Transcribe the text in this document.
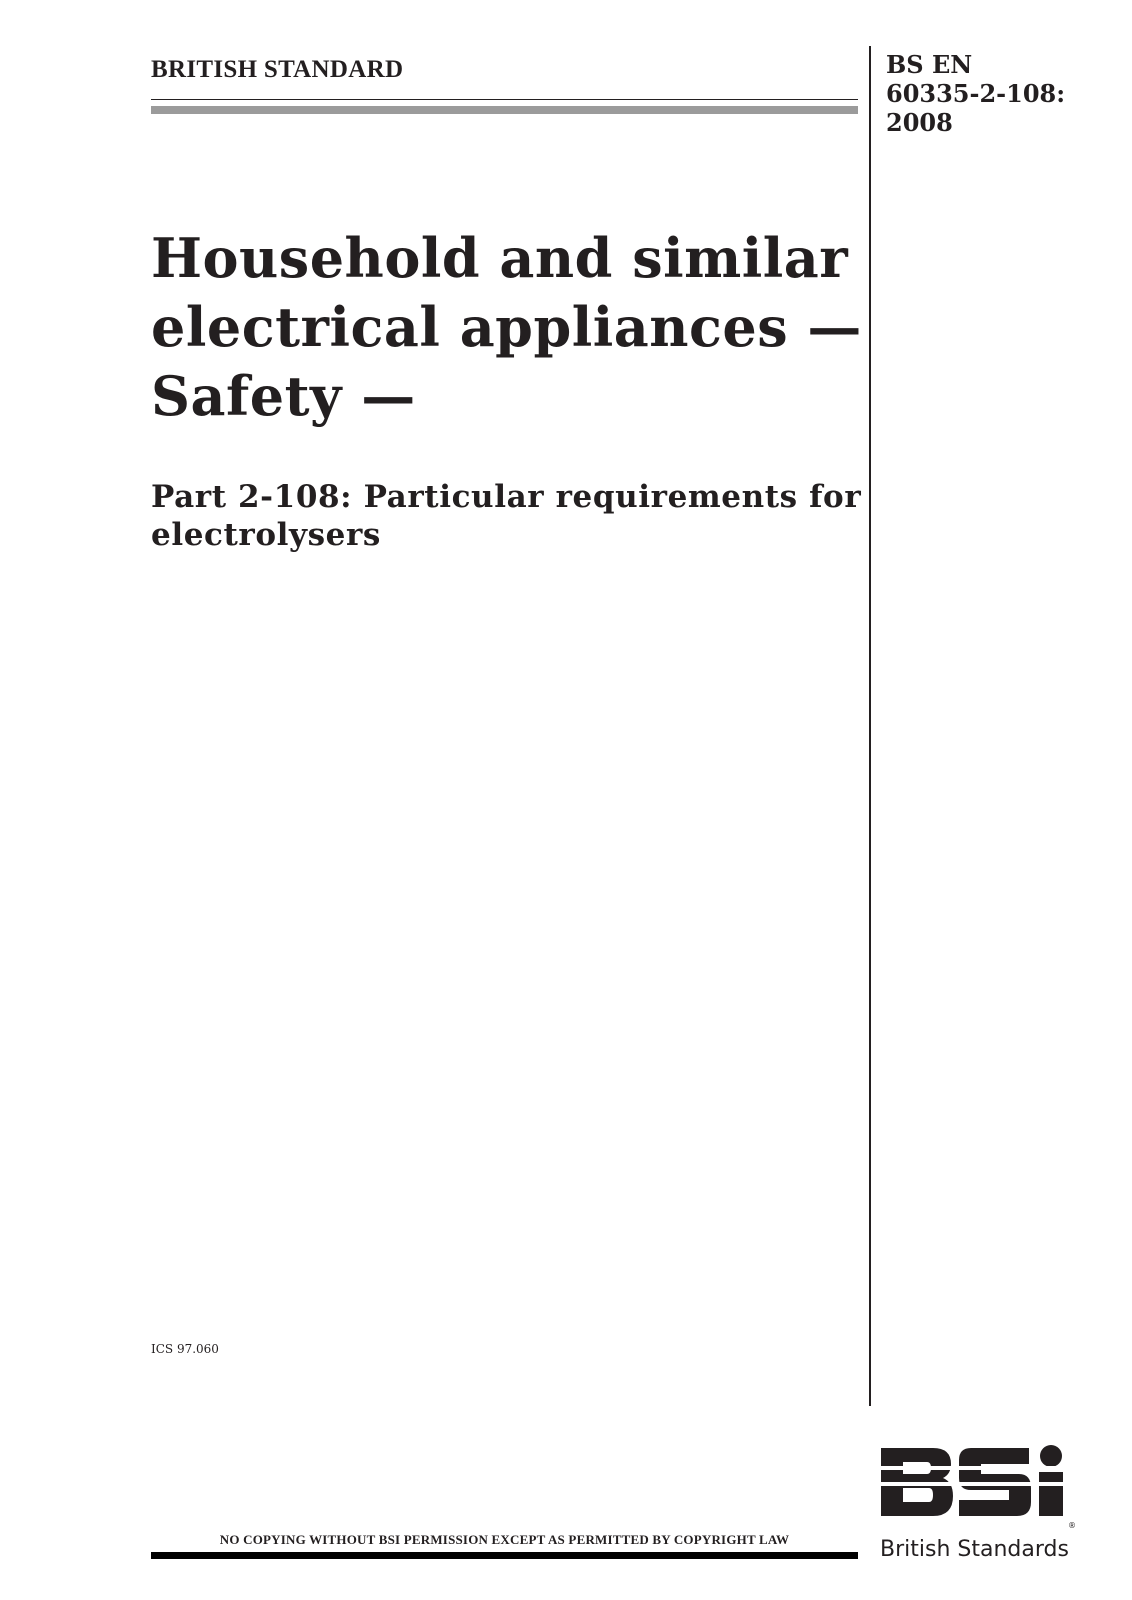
BRITISH STANDARD	BS EN
60335-2-108:
2008
Household and similar
electrical appliances —
Safety —
Part 2-108: Particular requirements for
electrolysers
ICS 97.060
NO COPYING WITHOUT BSI PERMISSION EXCEPT AS PERMITTED BY COPYRIGHT LAW
®
British Standards
